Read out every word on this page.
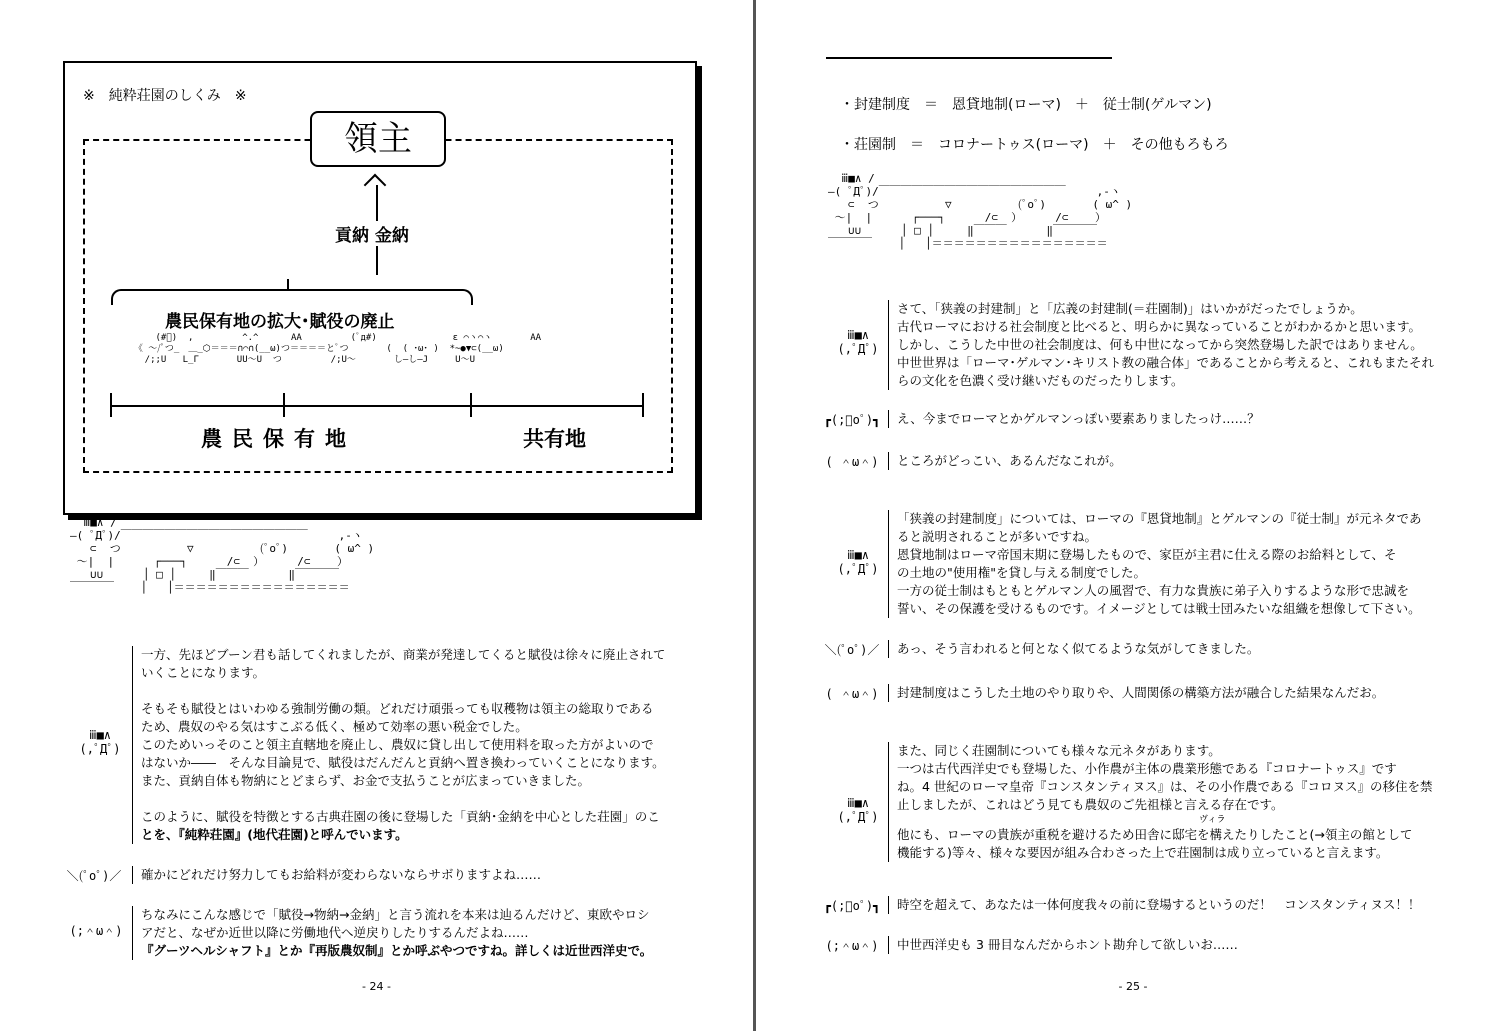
※　純粋荘園のしくみ　※
領主
貢納 金納
農民保有地の拡大･賦役の廃止
(#ﾟ)  ,         ^.^      AA         (ﾟд#)              ε ⌒ヽ⌒ヽ       AA
《 ～/ﾟつ_　＿_⬡＝＝＝∩⌒∩(__ω)つ＝＝＝＝とﾟつ       (  ( ･ω･ )  *~●▼⊂(__ω)
/;;U   L_Γ       UU～U  つ         /;U～       し―し―J     U～U
農民保有地	共有地
ⅲ■∧ /
―( ﾟДﾟ)/￣￣￣￣￣￣￣￣￣￣￣￣￣￣￣￣￣　   ,-ヽ
⊂  つ          ▽          (ﾟoﾟ)       ( ω^ )
～|  |      ┌───┐      /⊂  ）     /⊂    ）
∪∪      │ □ │     ‖￣￣￣      ‖￣￣￣￣
￣￣￣￣    │   │＝＝＝＝＝＝＝＝＝＝＝＝＝＝＝＝
ⅲ■∧
(,ﾟДﾟ)

一方、先ほどブーン君も話してくれましたが、商業が発達してくると賦役は徐々に廃止されて

いくことになります。

そもそも賦役とはいわゆる強制労働の類。どれだけ頑張っても収穫物は領主の総取りである

ため、農奴のやる気はすこぶる低く、極めて効率の悪い税金でした。

このためいっそのこと領主直轄地を廃止し、農奴に貸し出して使用料を取った方がよいので

はないか――　そんな目論見で、賦役はだんだんと貢納へ置き換わっていくことになります。

また、貢納自体も物納にとどまらず、お金で支払うことが広まっていきました。

このように、賦役を特徴とする古典荘園の後に登場した「貢納･金納を中心とした荘園」のこ

とを、『純粋荘園』(地代荘園)と呼んでいます。

＼(ﾟoﾟ)／ 確かにどれだけ努力してもお給料が変わらないならサボりますよね……

(;＾ω＾)

ちなみにこんな感じで「賦役→物納→金納」と言う流れを本来は辿るんだけど、東欧やロシ

アだと、なぜか近世以降に労働地代へ逆戻りしたりするんだよね……

『グーツヘルシャフト』とか『再版農奴制』とか呼ぶやつですね。詳しくは近世西洋史で。

- 24 -
・封建制度　＝　恩貸地制(ローマ)　＋　従士制(ゲルマン)
・荘園制　＝　コロナートゥス(ローマ)　＋　その他もろもろ
ⅲ■∧ /
―( ﾟДﾟ)/￣￣￣￣￣￣￣￣￣￣￣￣￣￣￣￣￣　   ,-ヽ
⊂  つ          ▽          (ﾟoﾟ)       ( ω^ )
～|  |      ┌───┐      /⊂  ）     /⊂    ）
∪∪      │ □ │     ‖￣￣￣      ‖￣￣￣￣
￣￣￣￣    │   │＝＝＝＝＝＝＝＝＝＝＝＝＝＝＝＝
ⅲ■∧
(,ﾟДﾟ)

さて、「狭義の封建制」と「広義の封建制(＝荘園制)」はいかがだったでしょうか。

古代ローマにおける社会制度と比べると、明らかに異なっていることがわかるかと思います。

しかし、こうした中世の社会制度は、何も中世になってから突然登場した訳ではありません。

中世世界は「ローマ･ゲルマン･キリスト教の融合体」であることから考えると、これもまたそれ

らの文化を色濃く受け継いだものだったりします。

┏(;ﾟoﾟ)┓ え、今までローマとかゲルマンっぽい要素ありましたっけ……？

( ＾ω＾) ところがどっこい、あるんだなこれが。

ⅲ■∧
(,ﾟДﾟ)

「狭義の封建制度」については、ローマの『恩貸地制』とゲルマンの『従士制』が元ネタであ

ると説明されることが多いですね。

恩貸地制はローマ帝国末期に登場したもので、家臣が主君に仕える際のお給料として、そ

の土地の"使用権"を貸し与える制度でした。

一方の従士制はもともとゲルマン人の風習で、有力な貴族に弟子入りするような形で忠誠を

誓い、その保護を受けるものです。イメージとしては戦士団みたいな組織を想像して下さい。

＼(ﾟoﾟ)／ あっ、そう言われると何となく似てるような気がしてきました。

( ＾ω＾) 封建制度はこうした土地のやり取りや、人間関係の構築方法が融合した結果なんだお。

ⅲ■∧
(,ﾟДﾟ)

また、同じく荘園制についても様々な元ネタがあります。

一つは古代西洋史でも登場した、小作農が主体の農業形態である『コロナートゥス』です

ね。4 世紀のローマ皇帝『コンスタンティヌス』は、その小作農である『コロヌス』の移住を禁

止しましたが、これはどう見ても農奴のご先祖様と言える存在です。

ヴィラ

他にも、ローマの貴族が重税を避けるため田舎に邸宅を構えたりしたこと(→領主の館として

機能する)等々、様々な要因が組み合わさった上で荘園制は成り立っていると言えます。

┏(;ﾟoﾟ)┓ 時空を超えて、あなたは一体何度我々の前に登場するというのだ！　コンスタンティヌス！！

(;＾ω＾) 中世西洋史も 3 冊目なんだからホント勘弁して欲しいお……

- 25 -
